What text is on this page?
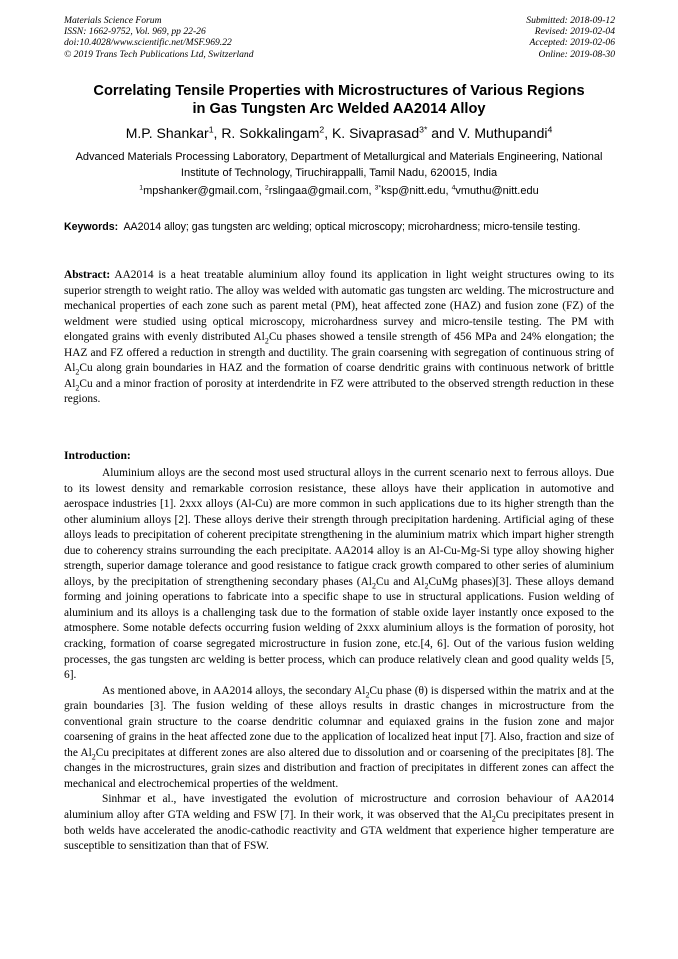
Materials Science Forum
ISSN: 1662-9752, Vol. 969, pp 22-26
doi:10.4028/www.scientific.net/MSF.969.22
© 2019 Trans Tech Publications Ltd, Switzerland
Submitted: 2018-09-12
Revised: 2019-02-04
Accepted: 2019-02-06
Online: 2019-08-30
Correlating Tensile Properties with Microstructures of Various Regions
in Gas Tungsten Arc Welded AA2014 Alloy
M.P. Shankar$^1$, R. Sokkalingam$^2$, K. Sivaprasad$^{3*}$ and V. Muthupandi$^4$
Advanced Materials Processing Laboratory, Department of Metallurgical and Materials Engineering, National Institute of Technology, Tiruchirappalli, Tamil Nadu, 620015, India
$^1$mpshanker@gmail.com, $^2$rslingaa@gmail.com, $^{3*}$ksp@nitt.edu, $^4$vmuthu@nitt.edu
Keywords: AA2014 alloy; gas tungsten arc welding; optical microscopy; microhardness; micro-tensile testing.
Abstract: AA2014 is a heat treatable aluminium alloy found its application in light weight structures owing to its superior strength to weight ratio. The alloy was welded with automatic gas tungsten arc welding. The microstructure and mechanical properties of each zone such as parent metal (PM), heat affected zone (HAZ) and fusion zone (FZ) of the weldment were studied using optical microscopy, microhardness survey and micro-tensile testing. The PM with elongated grains with evenly distributed $Al_2Cu$ phases showed a tensile strength of 456 MPa and 24% elongation; the HAZ and FZ offered a reduction in strength and ductility. The grain coarsening with segregation of continuous string of $Al_2Cu$ along grain boundaries in HAZ and the formation of coarse dendritic grains with continuous network of brittle $Al_2Cu$ and a minor fraction of porosity at interdendrite in FZ were attributed to the observed strength reduction in these regions.
Introduction:

Aluminium alloys are the second most used structural alloys in the current scenario next to ferrous alloys. Due to its lowest density and remarkable corrosion resistance, these alloys have their application in automotive and aerospace industries [1]. 2xxx alloys (Al-Cu) are more common in such applications due to its higher strength than the other aluminium alloys [2]. These alloys derive their strength through precipitation hardening. Artificial aging of these alloys leads to precipitation of coherent precipitate strengthening in the aluminium matrix which impart higher strength due to coherency strains surrounding the each precipitate. AA2014 alloy is an Al-Cu-Mg-Si type alloy showing higher strength, superior damage tolerance and good resistance to fatigue crack growth compared to other series of aluminium alloys, by the precipitation of strengthening secondary phases ($Al_2Cu$ and $Al_2CuMg$ phases)[3]. These alloys demand forming and joining operations to fabricate into a specific shape to use in structural applications. Fusion welding of aluminium and its alloys is a challenging task due to the formation of stable oxide layer instantly once exposed to the atmosphere. Some notable defects occurring fusion welding of 2xxx aluminium alloys is the formation of porosity, hot cracking, formation of coarse segregated microstructure in fusion zone, etc.[4, 6]. Out of the various fusion welding processes, the gas tungsten arc welding is better process, which can produce relatively clean and good quality welds [5, 6].

As mentioned above, in AA2014 alloys, the secondary $Al_2Cu$ phase (θ) is dispersed within the matrix and at the grain boundaries [3]. The fusion welding of these alloys results in drastic changes in microstructure from the conventional grain structure to the coarse dendritic columnar and equiaxed grains in the fusion zone and major coarsening of grains in the heat affected zone due to the application of localized heat input [7]. Also, fraction and size of the $Al_2Cu$ precipitates at different zones are also altered due to dissolution and or coarsening of the precipitates [8]. The changes in the microstructures, grain sizes and distribution and fraction of precipitates in different zones can affect the mechanical and electrochemical properties of the weldment.

Sinhmar et al., have investigated the evolution of microstructure and corrosion behaviour of AA2014 aluminium alloy after GTA welding and FSW [7]. In their work, it was observed that the $Al_2Cu$ precipitates present in both welds have accelerated the anodic-cathodic reactivity and GTA weldment that experience higher temperature are susceptible to sensitization than that of FSW.
